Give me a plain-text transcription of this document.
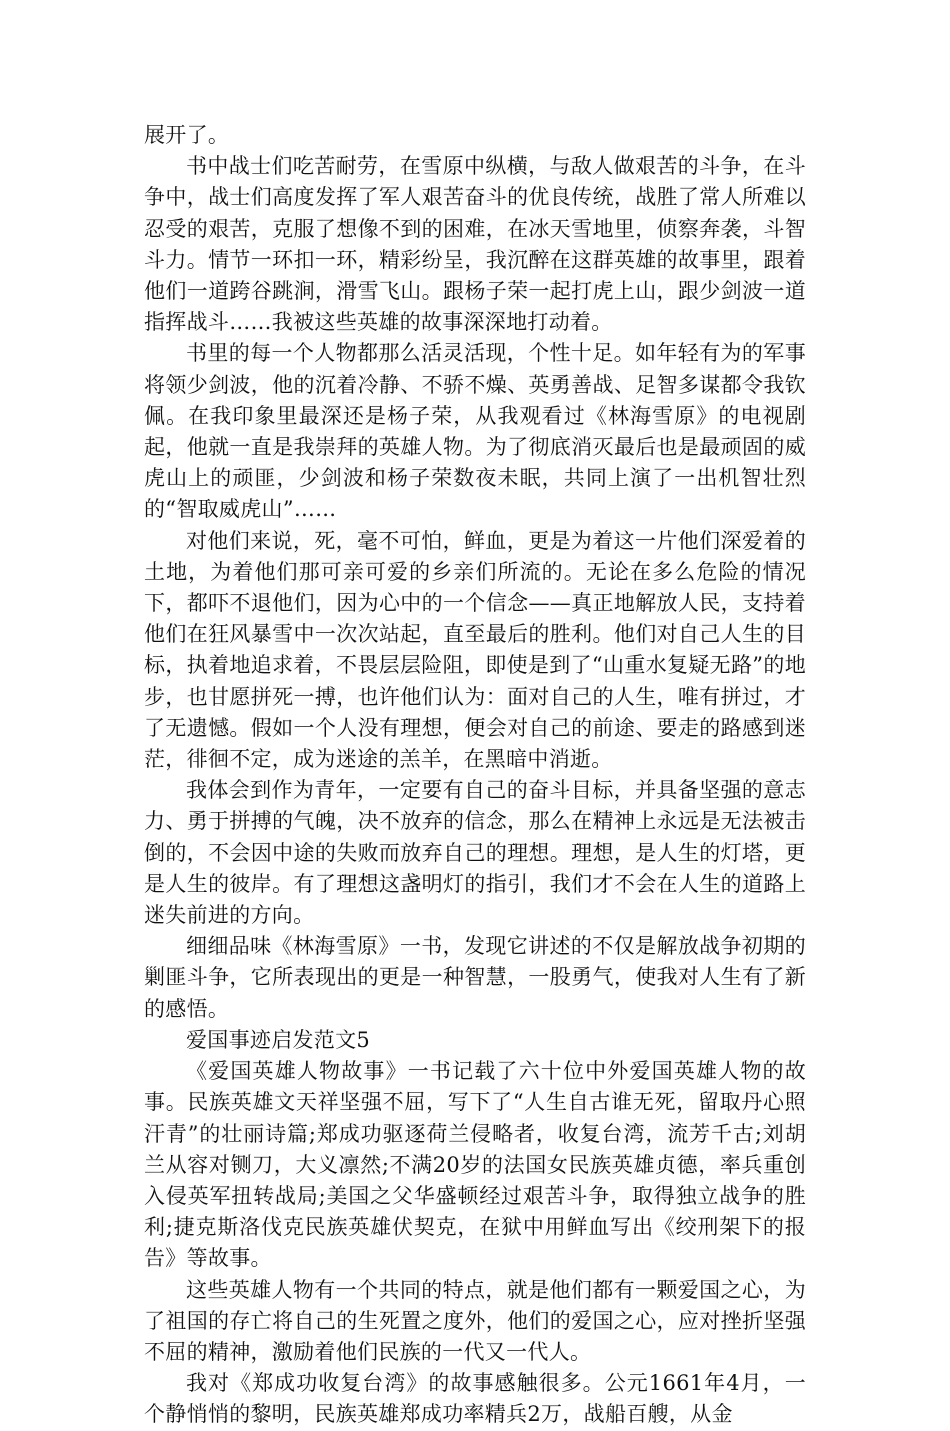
展开了。

书中战士们吃苦耐劳，在雪原中纵横，与敌人做艰苦的斗争，在斗争中，战士们高度发挥了军人艰苦奋斗的优良传统，战胜了常人所难以忍受的艰苦，克服了想像不到的困难，在冰天雪地里，侦察奔袭，斗智斗力。情节一环扣一环，精彩纷呈，我沉醉在这群英雄的故事里，跟着他们一道跨谷跳涧，滑雪飞山。跟杨子荣一起打虎上山，跟少剑波一道指挥战斗……我被这些英雄的故事深深地打动着。

书里的每一个人物都那么活灵活现，个性十足。如年轻有为的军事将领少剑波，他的沉着冷静、不骄不燥、英勇善战、足智多谋都令我钦佩。在我印象里最深还是杨子荣，从我观看过《林海雪原》的电视剧起，他就一直是我崇拜的英雄人物。为了彻底消灭最后也是最顽固的威虎山上的顽匪，少剑波和杨子荣数夜未眠，共同上演了一出机智壮烈的“智取威虎山”……

对他们来说，死，毫不可怕，鲜血，更是为着这一片他们深爱着的土地，为着他们那可亲可爱的乡亲们所流的。无论在多么危险的情况下，都吓不退他们，因为心中的一个信念——真正地解放人民，支持着他们在狂风暴雪中一次次站起，直至最后的胜利。他们对自己人生的目标，执着地追求着，不畏层层险阻，即使是到了“山重水复疑无路”的地步，也甘愿拼死一搏，也许他们认为：面对自己的人生，唯有拼过，才了无遗憾。假如一个人没有理想，便会对自己的前途、要走的路感到迷茫，徘徊不定，成为迷途的羔羊，在黑暗中消逝。

我体会到作为青年，一定要有自己的奋斗目标，并具备坚强的意志力、勇于拼搏的气魄，决不放弃的信念，那么在精神上永远是无法被击倒的，不会因中途的失败而放弃自己的理想。理想，是人生的灯塔，更是人生的彼岸。有了理想这盏明灯的指引，我们才不会在人生的道路上迷失前进的方向。

细细品味《林海雪原》一书，发现它讲述的不仅是解放战争初期的剿匪斗争，它所表现出的更是一种智慧，一股勇气，使我对人生有了新的感悟。

爱国事迹启发范文5

《爱国英雄人物故事》一书记载了六十位中外爱国英雄人物的故事。民族英雄文天祥坚强不屈，写下了“人生自古谁无死，留取丹心照汗青”的壮丽诗篇;郑成功驱逐荷兰侵略者，收复台湾，流芳千古;刘胡兰从容对铡刀，大义凛然;不满20岁的法国女民族英雄贞德，率兵重创入侵英军扭转战局;美国之父华盛顿经过艰苦斗争，取得独立战争的胜利;捷克斯洛伐克民族英雄伏契克，在狱中用鲜血写出《绞刑架下的报告》等故事。

这些英雄人物有一个共同的特点，就是他们都有一颗爱国之心，为了祖国的存亡将自己的生死置之度外，他们的爱国之心，应对挫折坚强不屈的精神，激励着他们民族的一代又一代人。

我对《郑成功收复台湾》的故事感触很多。公元1661年4月，一个静悄悄的黎明，民族英雄郑成功率精兵2万，战船百艘，从金
